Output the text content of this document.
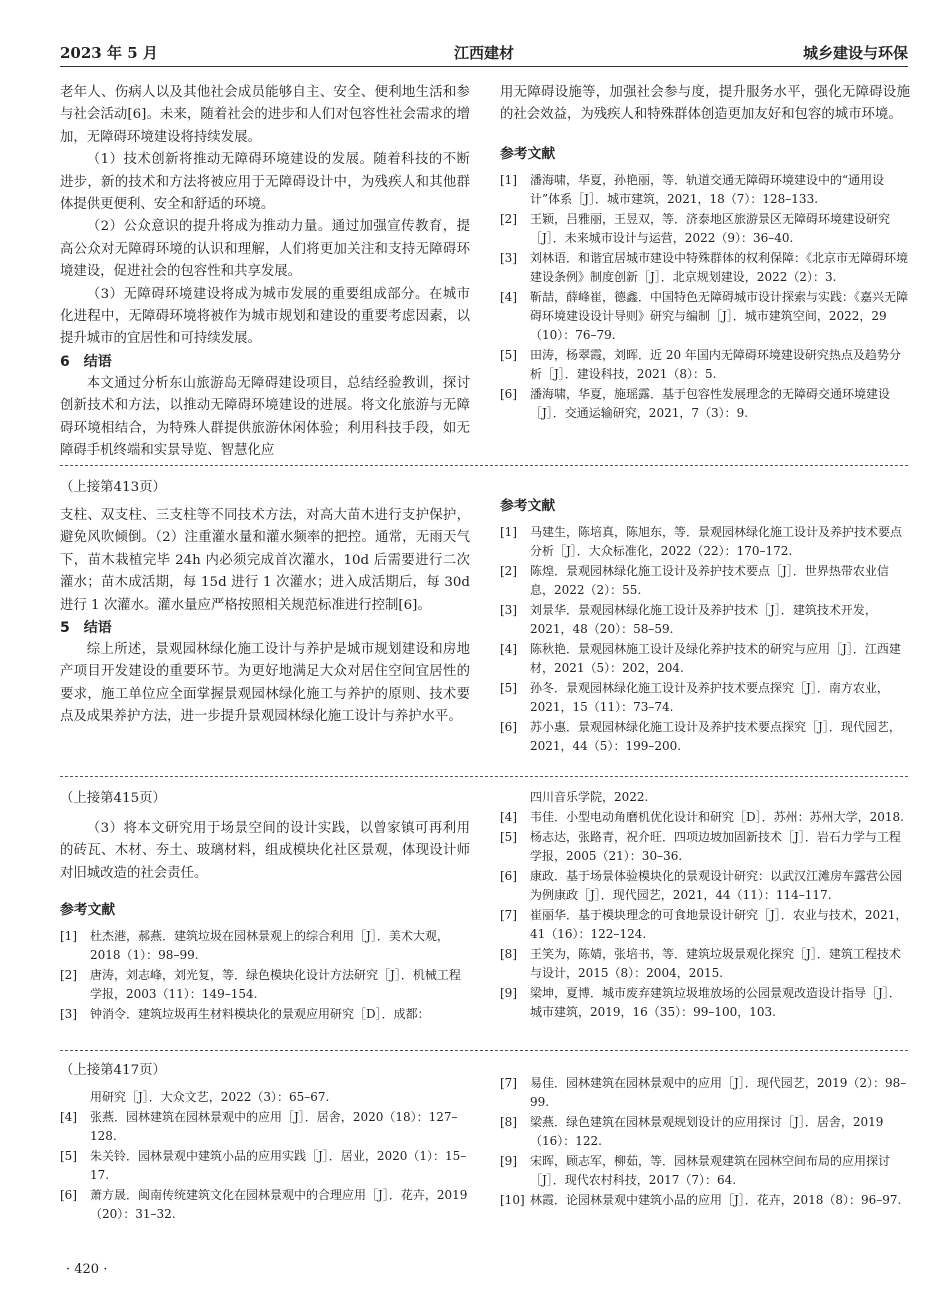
2023 年 5 月	江西建材	城乡建设与环保

老年人、伤病人以及其他社会成员能够自主、安全、便利地生活和参与社会活动[6]。未来，随着社会的进步和人们对包容性社会需求的增加，无障碍环境建设将持续发展。

（1）技术创新将推动无障碍环境建设的发展。随着科技的不断进步，新的技术和方法将被应用于无障碍设计中，为残疾人和其他群体提供更便利、安全和舒适的环境。

（2）公众意识的提升将成为推动力量。通过加强宣传教育，提高公众对无障碍环境的认识和理解，人们将更加关注和支持无障碍环境建设，促进社会的包容性和共享发展。

（3）无障碍环境建设将成为城市发展的重要组成部分。在城市化进程中，无障碍环境将被作为城市规划和建设的重要考虑因素，以提升城市的宜居性和可持续发展。

6　结语

本文通过分析东山旅游岛无障碍建设项目，总结经验教训，探讨创新技术和方法，以推动无障碍环境建设的进展。将文化旅游与无障碍环境相结合，为特殊人群提供旅游休闲体验；利用科技手段，如无障碍手机终端和实景导览、智慧化应

用无障碍设施等，加强社会参与度，提升服务水平，强化无障碍设施的社会效益，为残疾人和特殊群体创造更加友好和包容的城市环境。

参考文献
[1]	潘海啸，华夏，孙艳丽，等．轨道交通无障碍环境建设中的“通用设计”体系［J］．城市建筑，2021，18（7）：128–133.
[2]	王颖，吕雅丽，王昱双，等．济泰地区旅游景区无障碍环境建设研究［J］．未来城市设计与运营，2022（9）：36–40.
[3]	刘林语．和谐宜居城市建设中特殊群体的权利保障：《北京市无障碍环境建设条例》制度创新［J］．北京规划建设，2022（2）：3.
[4]	靳喆，薛峰崔，德鑫．中国特色无障碍城市设计探索与实践：《嘉兴无障碍环境建设设计导则》研究与编制［J］．城市建筑空间，2022，29（10）：76–79.
[5]	田涛，杨翠霞，刘晖．近 20 年国内无障碍环境建设研究热点及趋势分析［J］．建设科技，2021（8）：5.
[6]	潘海啸，华夏，施瑶露．基于包容性发展理念的无障碍交通环境建设［J］．交通运输研究，2021，7（3）：9.
（上接第413页）

支柱、双支柱、三支柱等不同技术方法，对高大苗木进行支护保护，避免风吹倾倒。（2）注重灌水量和灌水频率的把控。通常，无雨天气下，苗木栽植完毕 24h 内必须完成首次灌水，10d 后需要进行二次灌水；苗木成活期，每 15d 进行 1 次灌水；进入成活期后，每 30d 进行 1 次灌水。灌水量应严格按照相关规范标准进行控制[6]。

5　结语

综上所述，景观园林绿化施工设计与养护是城市规划建设和房地产项目开发建设的重要环节。为更好地满足大众对居住空间宜居性的要求，施工单位应全面掌握景观园林绿化施工与养护的原则、技术要点及成果养护方法，进一步提升景观园林绿化施工设计与养护水平。

参考文献
[1]	马建生，陈培真，陈旭东，等．景观园林绿化施工设计及养护技术要点分析［J］．大众标准化，2022（22）：170–172.
[2]	陈煌．景观园林绿化施工设计及养护技术要点［J］．世界热带农业信息，2022（2）：55.
[3]	刘景华．景观园林绿化施工设计及养护技术［J］．建筑技术开发，2021，48（20）：58–59.
[4]	陈秋艳．景观园林施工设计及绿化养护技术的研究与应用［J］．江西建材，2021（5）：202，204.
[5]	孙冬．景观园林绿化施工设计及养护技术要点探究［J］．南方农业，2021，15（11）：73–74.
[6]	苏小惠．景观园林绿化施工设计及养护技术要点探究［J］．现代园艺，2021，44（5）：199–200.
（上接第415页）

（3）将本文研究用于场景空间的设计实践，以曾家镇可再利用的砖瓦、木材、夯土、玻璃材料，组成模块化社区景观，体现设计师对旧城改造的社会责任。

参考文献
[1]	杜杰港，郝燕．建筑垃圾在园林景观上的综合利用［J］．美术大观，2018（1）：98–99.
[2]	唐涛，刘志峰，刘光复，等．绿色模块化设计方法研究［J］．机械工程学报，2003（11）：149–154.
[3]	钟消令．建筑垃圾再生材料模块化的景观应用研究［D］．成都：
四川音乐学院，2022.
[4]	韦佳．小型电动角磨机优化设计和研究［D］．苏州：苏州大学，2018.
[5]	杨志达，张路青，祝介旺．四项边坡加固新技术［J］．岩石力学与工程学报，2005（21）：30–36.
[6]	康政．基于场景体验模块化的景观设计研究：以武汉江滩房车露营公园为例康政［J］．现代园艺，2021，44（11）：114–117.
[7]	崔丽华．基于模块理念的可食地景设计研究［J］．农业与技术，2021，41（16）：122–124.
[8]	王笑为，陈婧，张培书，等．建筑垃圾景观化探究［J］．建筑工程技术与设计，2015（8）：2004，2015.
[9]	梁坤，夏博．城市废弃建筑垃圾堆放场的公园景观改造设计指导［J］．城市建筑，2019，16（35）：99–100，103.
（上接第417页）
用研究［J］．大众文艺，2022（3）：65–67.
[4]	张燕．园林建筑在园林景观中的应用［J］．居舍，2020（18）：127–128.
[5]	朱关铃．园林景观中建筑小品的应用实践［J］．居业，2020（1）：15–17.
[6]	萧方晟．闽南传统建筑文化在园林景观中的合理应用［J］．花卉，2019（20）：31–32.
[7]	易佳．园林建筑在园林景观中的应用［J］．现代园艺，2019（2）：98–99.
[8]	梁燕．绿色建筑在园林景观规划设计的应用探讨［J］．居舍，2019（16）：122.
[9]	宋晖，顾志军，柳茹，等．园林景观建筑在园林空间布局的应用探讨［J］．现代农村科技，2017（7）：64.
[10] 林霞．论园林景观中建筑小品的应用［J］．花卉，2018（8）：96–97.
· 420 ·
